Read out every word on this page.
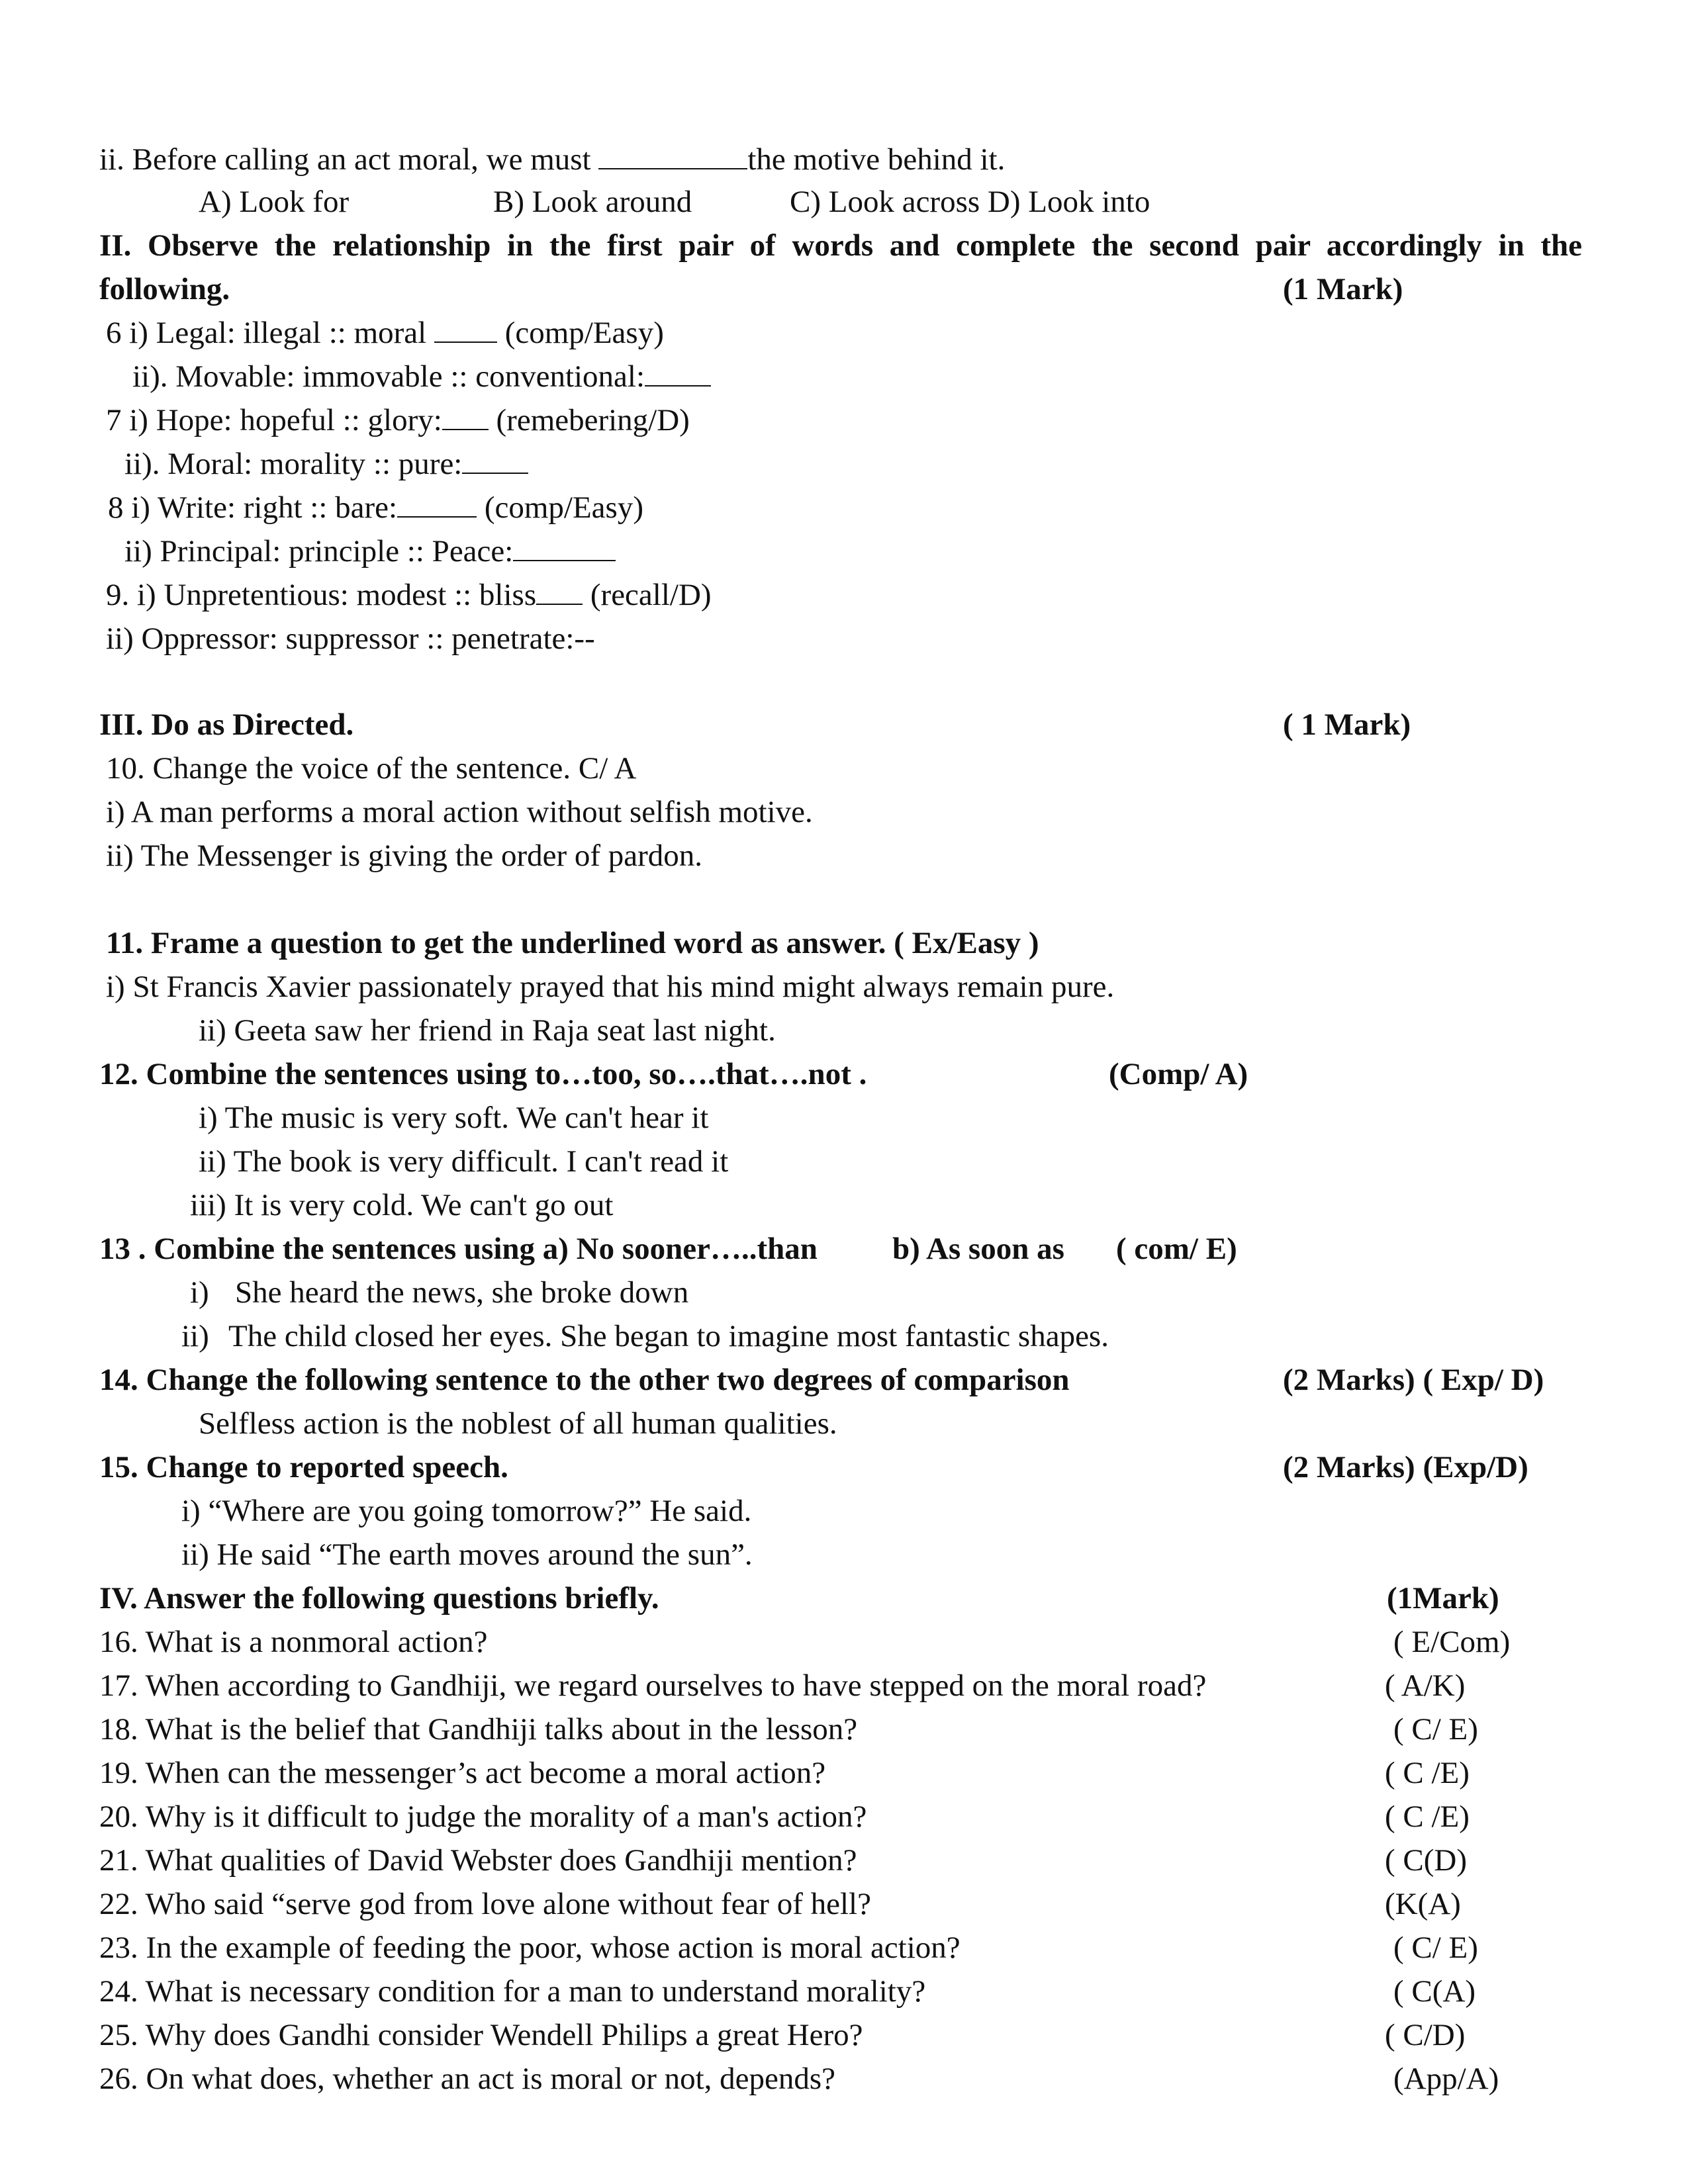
ii. Before calling an act moral, we must	the motive behind it.
A) Look for	B) Look around	C) Look across D) Look into
II. Observe the relationship in the first pair of words and complete the second pair accordingly in the
following.	(1 Mark)
6 i) Legal: illegal :: moral  (comp/Easy)
ii). Movable: immovable :: conventional:
7 i) Hope: hopeful :: glory: (remebering/D)
ii). Moral: morality :: pure:
8 i) Write: right :: bare:	(comp/Easy)
ii) Principal: principle :: Peace:
9. i) Unpretentious: modest :: bliss (recall/D)
ii) Oppressor: suppressor :: penetrate:--
III. Do as Directed.	( 1 Mark)
10. Change the voice of the sentence. C/ A
i) A man performs a moral action without selfish motive.
ii) The Messenger is giving the order of pardon.
11. Frame a question to get the underlined word as answer. ( Ex/Easy )
i) St Francis Xavier passionately prayed that his mind might always remain pure.
ii) Geeta saw her friend in Raja seat last night.
12. Combine the sentences using to…too, so….that….not .	(Comp/ A)
i) The music is very soft. We can't hear it
ii) The book is very difficult. I can't read it
iii) It is very cold. We can't go out
13 . Combine the sentences using a) No sooner…..than b) As soon as ( com/ E)
i) She heard the news, she broke down
ii) The child closed her eyes. She began to imagine most fantastic shapes.
14. Change the following sentence to the other two degrees of comparison	(2 Marks) ( Exp/ D)
Selfless action is the noblest of all human qualities.
15. Change to reported speech.	(2 Marks) (Exp/D)
i) “Where are you going tomorrow?” He said.
ii) He said “The earth moves around the sun”.
IV. Answer the following questions briefly.	(1Mark)
16. What is a nonmoral action?	( E/Com)
17. When according to Gandhiji, we regard ourselves to have stepped on the moral road?	( A/K)
18. What is the belief that Gandhiji talks about in the lesson?	( C/ E)
19. When can the messenger’s act become a moral action?	( C /E)
20. Why is it difficult to judge the morality of a man's action?	( C /E)
21. What qualities of David Webster does Gandhiji mention?	( C(D)
22. Who said “serve god from love alone without fear of hell?	(K(A)
23. In the example of feeding the poor, whose action is moral action?	( C/ E)
24. What is necessary condition for a man to understand morality?	( C(A)
25. Why does Gandhi consider Wendell Philips a great Hero?	( C/D)
26. On what does, whether an act is moral or not, depends?	(App/A)
